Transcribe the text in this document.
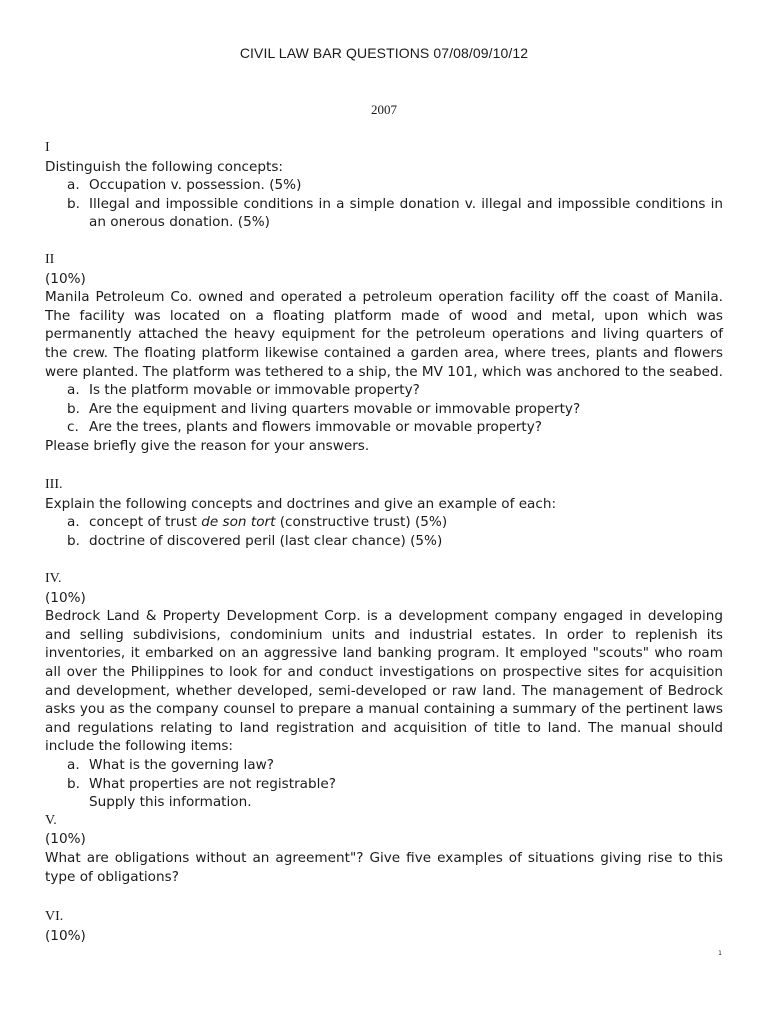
CIVIL LAW BAR QUESTIONS 07/08/09/10/12
2007
I
Distinguish the following concepts:
a. Occupation v. possession. (5%)
b. Illegal and impossible conditions in a simple donation v. illegal and impossible conditions in an onerous donation. (5%)
II
(10%)
Manila Petroleum Co. owned and operated a petroleum operation facility off the coast of Manila. The facility was located on a floating platform made of wood and metal, upon which was permanently attached the heavy equipment for the petroleum operations and living quarters of the crew. The floating platform likewise contained a garden area, where trees, plants and flowers were planted. The platform was tethered to a ship, the MV 101, which was anchored to the seabed.
a. Is the platform movable or immovable property?
b. Are the equipment and living quarters movable or immovable property?
c. Are the trees, plants and flowers immovable or movable property?
Please briefly give the reason for your answers.
III.
Explain the following concepts and doctrines and give an example of each:
a. concept of trust de son tort (constructive trust) (5%)
b. doctrine of discovered peril (last clear chance) (5%)
IV.
(10%)
Bedrock Land & Property Development Corp. is a development company engaged in developing and selling subdivisions, condominium units and industrial estates. In order to replenish its inventories, it embarked on an aggressive land banking program. It employed "scouts" who roam all over the Philippines to look for and conduct investigations on prospective sites for acquisition and development, whether developed, semi-developed or raw land. The management of Bedrock asks you as the company counsel to prepare a manual containing a summary of the pertinent laws and regulations relating to land registration and acquisition of title to land. The manual should include the following items:
a. What is the governing law?
b. What properties are not registrable?
Supply this information.
V.
(10%)
What are obligations without an agreement"? Give five examples of situations giving rise to this type of obligations?
VI.
(10%)
1
